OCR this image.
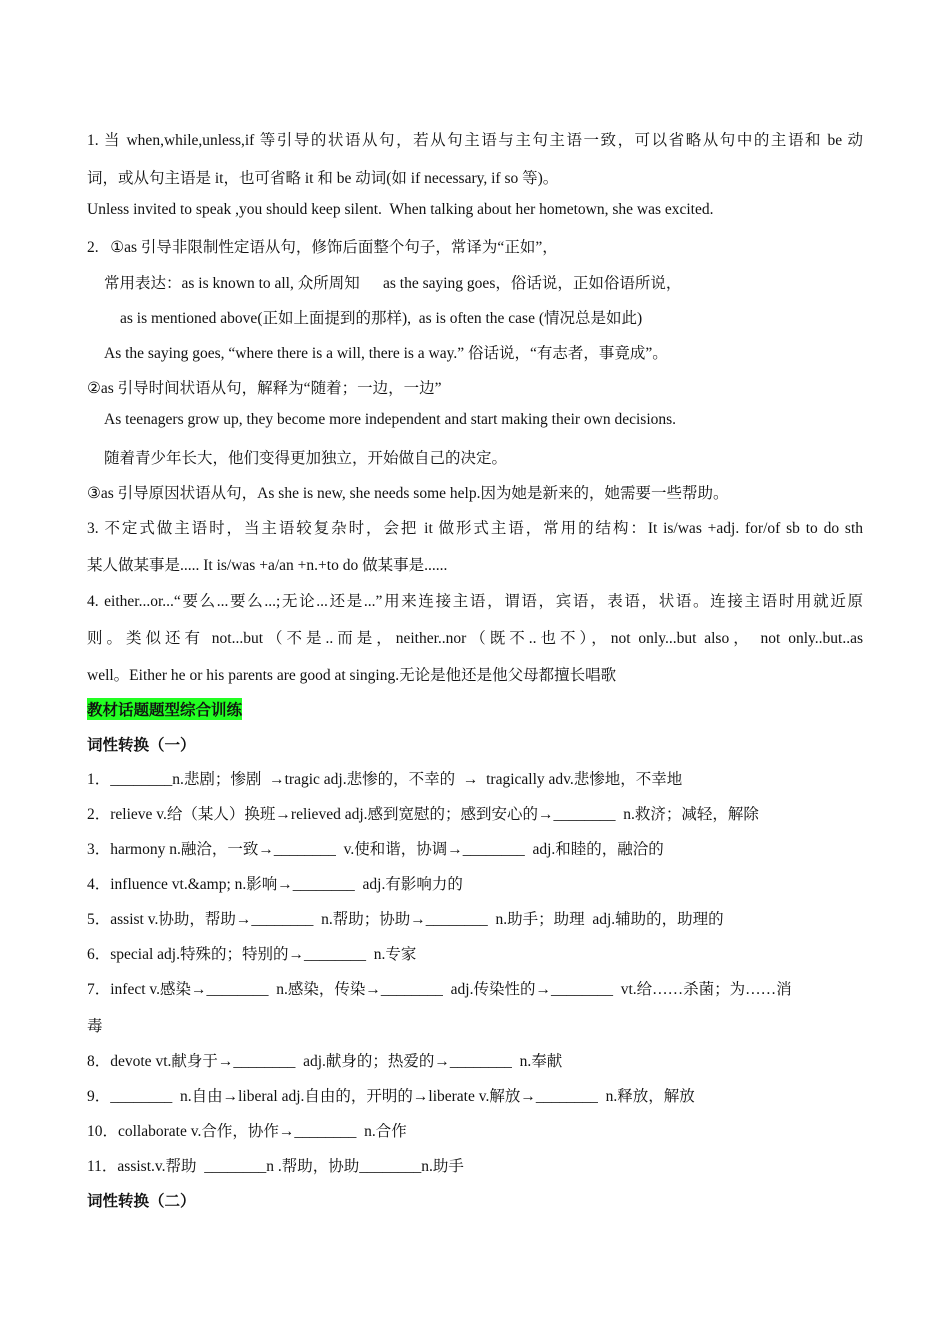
1. 当 when,while,unless,if 等引导的状语从句，若从句主语与主句主语一致，可以省略从句中的主语和 be 动
词，或从句主语是 it，也可省略 it 和 be 动词(如 if necessary, if so 等)。
Unless invited to speak ,you should keep silent.  When talking about her hometown, she was excited.
2.   ①as 引导非限制性定语从句，修饰后面整个句子，常译为“正如”，
常用表达：as is known to all, 众所周知      as the saying goes，俗话说，正如俗语所说，
as is mentioned above(正如上面提到的那样),  as is often the case (情况总是如此)
As the saying goes, “where there is a will, there is a way.” 俗话说，“有志者，事竟成”。
②as 引导时间状语从句，解释为“随着；一边，一边”
As teenagers grow up, they become more independent and start making their own decisions.
随着青少年长大，他们变得更加独立，开始做自己的决定。
③as 引导原因状语从句，As she is new, she needs some help.因为她是新来的，她需要一些帮助。
3. 不定式做主语时，当主语较复杂时，会把 it 做形式主语，常用的结构：It is/was +adj. for/of sb to do sth
某人做某事是..... It is/was +a/an +n.+to do 做某事是......
4. either...or...“要么...要么...;无论...还是...”用来连接主语，谓语，宾语，表语，状语。连接主语时用就近原
则。类似还有 not...but（不是..而是，neither..nor（既不..也不），not only...but also， not only..but..as
well。Either he or his parents are good at singing.无论是他还是他父母都擅长唱歌
教材话题题型综合训练
词性转换（一）
1．________n.悲剧；惨剧  →tragic adj.悲惨的，不幸的  →  tragically adv.悲惨地，不幸地
2．relieve v.给（某人）换班→relieved adj.感到宽慰的；感到安心的→________  n.救济；减轻，解除
3．harmony n.融洽，一致→________  v.使和谐，协调→________  adj.和睦的，融洽的
4．influence vt.&amp; n.影响→________  adj.有影响力的
5．assist v.协助，帮助→________  n.帮助；协助→________  n.助手；助理  adj.辅助的，助理的
6．special adj.特殊的；特别的→________  n.专家
7．infect v.感染→________  n.感染，传染→________  adj.传染性的→________  vt.给……杀菌；为……消
毒
8．devote vt.献身于→________  adj.献身的；热爱的→________  n.奉献
9．________  n.自由→liberal adj.自由的，开明的→liberate v.解放→________  n.释放，解放
10．collaborate v.合作，协作→________  n.合作
11．assist.v.帮助  ________n .帮助，协助________n.助手
词性转换（二）
